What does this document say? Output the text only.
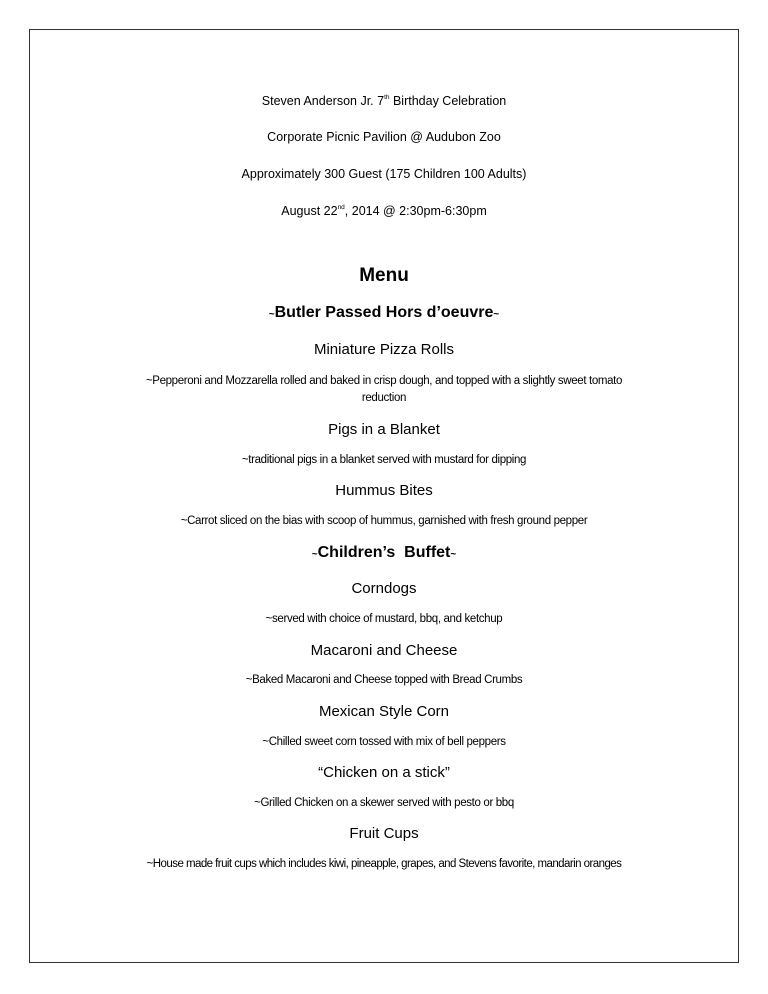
Steven Anderson Jr. 7th Birthday Celebration
Corporate Picnic Pavilion @ Audubon Zoo
Approximately 300 Guest (175 Children 100 Adults)
August 22nd, 2014 @ 2:30pm-6:30pm
Menu
~Butler Passed Hors d’oeuvre~
Miniature Pizza Rolls
~Pepperoni and Mozzarella rolled and baked in crisp dough, and topped with a slightly sweet tomato
reduction
Pigs in a Blanket
~traditional pigs in a blanket served with mustard for dipping
Hummus Bites
~Carrot sliced on the bias with scoop of hummus, garnished with fresh ground pepper
~Children’s  Buffet~
Corndogs
~served with choice of mustard, bbq, and ketchup
Macaroni and Cheese
~Baked Macaroni and Cheese topped with Bread Crumbs
Mexican Style Corn
~Chilled sweet corn tossed with mix of bell peppers
“Chicken on a stick”
~Grilled Chicken on a skewer served with pesto or bbq
Fruit Cups
~House made fruit cups which includes kiwi, pineapple, grapes, and Stevens favorite, mandarin oranges
